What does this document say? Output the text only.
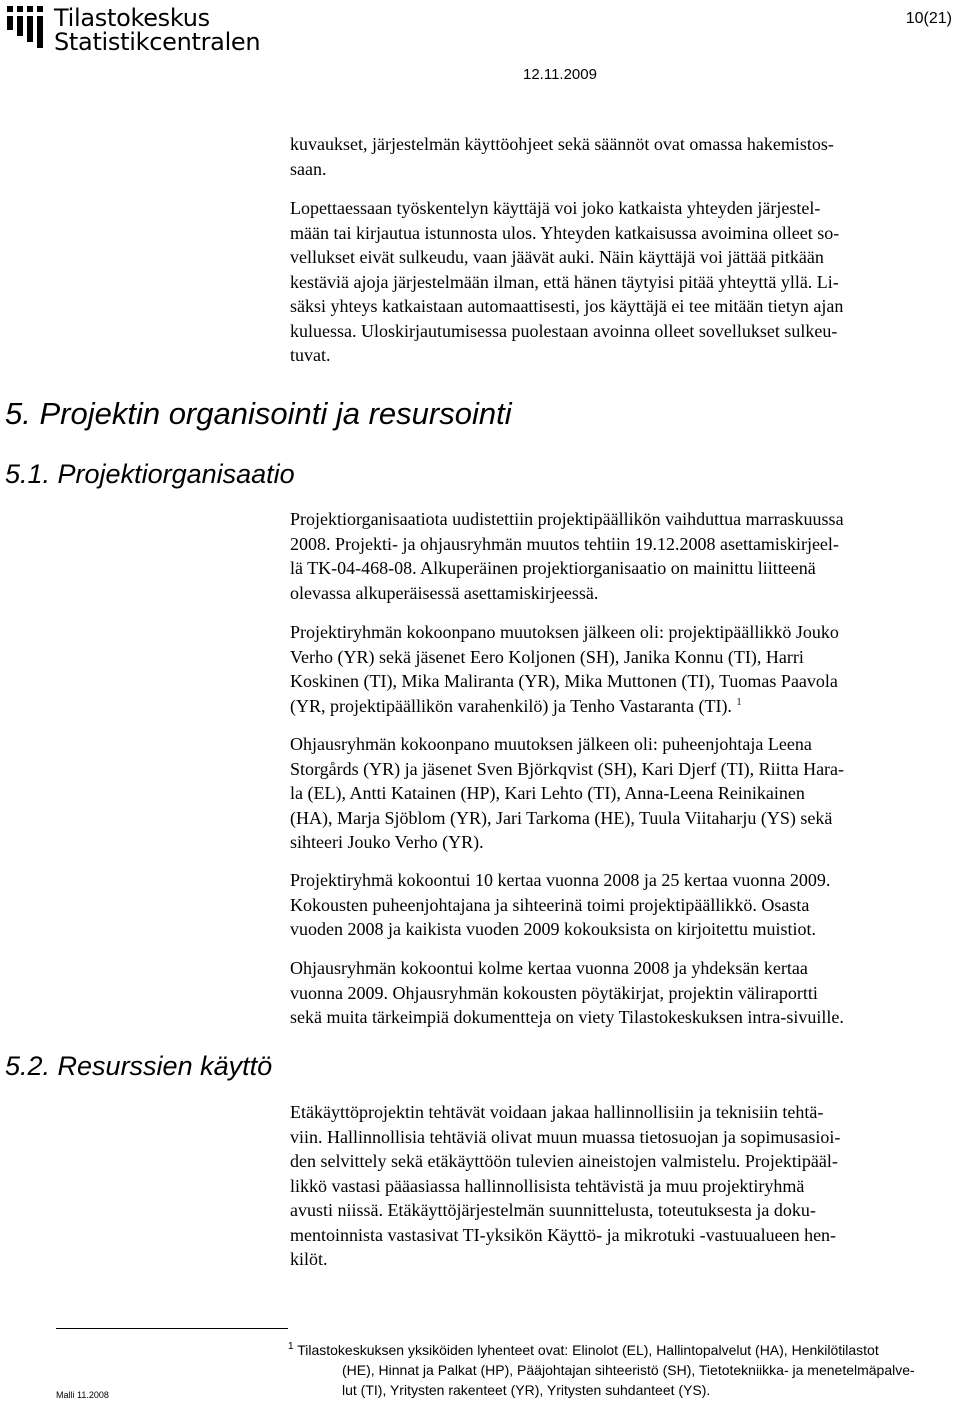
Tilastokeskus
Statistikcentralen
10(21)
12.11.2009
kuvaukset, järjestelmän käyttöohjeet sekä säännöt ovat omassa hakemistos-
saan.
Lopettaessaan työskentelyn käyttäjä voi joko katkaista yhteyden järjestel-
mään tai kirjautua istunnosta ulos. Yhteyden katkaisussa avoimina olleet so-
vellukset eivät sulkeudu, vaan jäävät auki. Näin käyttäjä voi jättää pitkään
kestäviä ajoja järjestelmään ilman, että hänen täytyisi pitää yhteyttä yllä. Li-
säksi yhteys katkaistaan automaattisesti, jos käyttäjä ei tee mitään tietyn ajan
kuluessa. Uloskirjautumisessa puolestaan avoinna olleet sovellukset sulkeu-
tuvat.
5. Projektin organisointi ja resursointi
5.1. Projektiorganisaatio
Projektiorganisaatiota uudistettiin projektipäällikön vaihduttua marraskuussa
2008. Projekti- ja ohjausryhmän muutos tehtiin 19.12.2008 asettamiskirjeel-
lä TK-04-468-08. Alkuperäinen projektiorganisaatio on mainittu liitteenä
olevassa alkuperäisessä asettamiskirjeessä.
Projektiryhmän kokoonpano muutoksen jälkeen oli: projektipäällikkö Jouko
Verho (YR) sekä jäsenet Eero Koljonen (SH), Janika Konnu (TI), Harri
Koskinen (TI), Mika Maliranta (YR), Mika Muttonen (TI), Tuomas Paavola
(YR, projektipäällikön varahenkilö) ja Tenho Vastaranta (TI). $^1$
Ohjausryhmän kokoonpano muutoksen jälkeen oli: puheenjohtaja Leena
Storgårds (YR) ja jäsenet Sven Björkqvist (SH), Kari Djerf (TI), Riitta Hara-
la (EL), Antti Katainen (HP), Kari Lehto (TI), Anna-Leena Reinikainen
(HA), Marja Sjöblom (YR), Jari Tarkoma (HE), Tuula Viitaharju (YS) sekä
sihteeri Jouko Verho (YR).
Projektiryhmä kokoontui 10 kertaa vuonna 2008 ja 25 kertaa vuonna 2009.
Kokousten puheenjohtajana ja sihteerinä toimi projektipäällikkö. Osasta
vuoden 2008 ja kaikista vuoden 2009 kokouksista on kirjoitettu muistiot.
Ohjausryhmän kokoontui kolme kertaa vuonna 2008 ja yhdeksän kertaa
vuonna 2009. Ohjausryhmän kokousten pöytäkirjat, projektin väliraportti
sekä muita tärkeimpiä dokumentteja on viety Tilastokeskuksen intra-sivuille.
5.2. Resurssien käyttö
Etäkäyttöprojektin tehtävät voidaan jakaa hallinnollisiin ja teknisiin tehtä-
viin. Hallinnollisia tehtäviä olivat muun muassa tietosuojan ja sopimusasioi-
den selvittely sekä etäkäyttöön tulevien aineistojen valmistelu. Projektipääl-
likkö vastasi pääasiassa hallinnollisista tehtävistä ja muu projektiryhmä
avusti niissä. Etäkäyttöjärjestelmän suunnittelusta, toteutuksesta ja doku-
mentoinnista vastasivat TI-yksikön Käyttö- ja mikrotuki -vastuualueen hen-
kilöt.
$^1$ Tilastokeskuksen yksiköiden lyhenteet ovat: Elinolot (EL), Hallintopalvelut (HA), Henkilötilastot
(HE), Hinnat ja Palkat (HP), Pääjohtajan sihteeristö (SH), Tietotekniikka- ja menetelmäpalve-
lut (TI), Yritysten rakenteet (YR), Yritysten suhdanteet (YS).
Malli 11.2008
